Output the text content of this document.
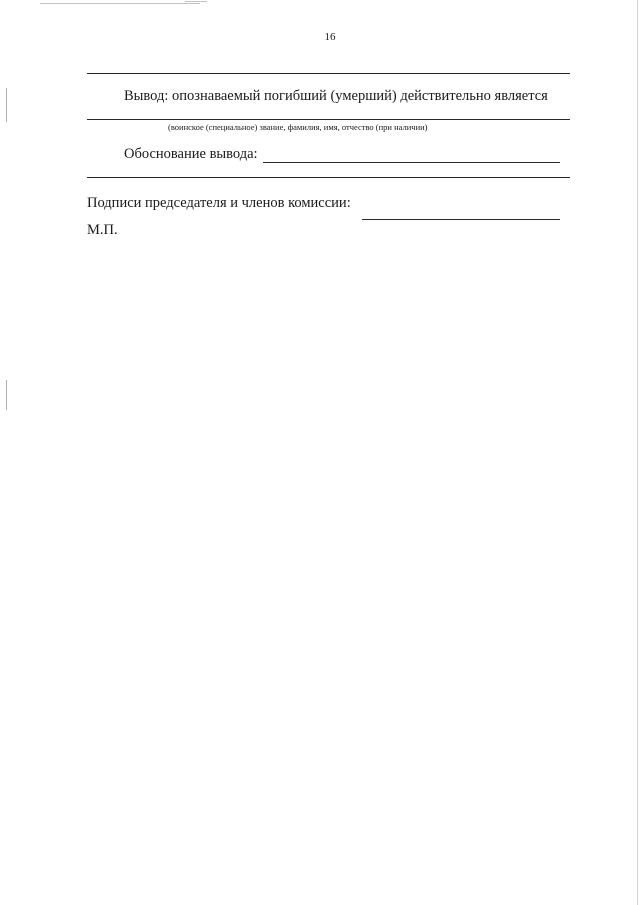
16
Вывод: опознаваемый погибший (умерший) действительно является
(воинское (специальное) звание, фамилия, имя, отчество (при наличии)
Обоснование вывода:
Подписи председателя и членов комиссии:
М.П.
